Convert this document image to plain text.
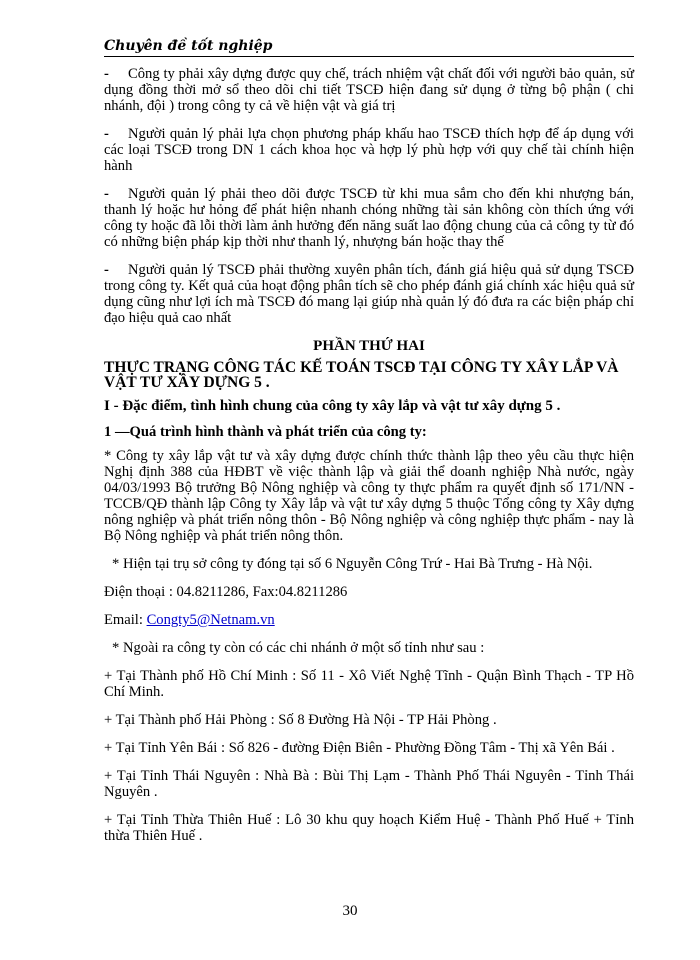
Chuyên đề tốt nghiệp
- Công ty phải xây dựng được quy chế, trách nhiệm vật chất đối với người bảo quản, sử dụng đồng thời mở sổ theo dõi chi tiết TSCĐ hiện đang sử dụng ở từng bộ phận ( chi nhánh, đội ) trong công ty cả về hiện vật và giá trị
- Người quản lý phải lựa chọn phương pháp khấu hao TSCĐ thích hợp để áp dụng với các loại TSCĐ trong DN 1 cách khoa học và hợp lý phù hợp với quy chế tài chính hiện hành
- Người quản lý phải theo dõi được TSCĐ từ khi mua sắm cho đến khi nhượng bán, thanh lý hoặc hư hỏng để phát hiện nhanh chóng những tài sản không còn thích ứng với công ty hoặc đã lỗi thời làm ảnh hưởng đến năng suất lao động chung của cả công ty từ đó có những biện pháp kịp thời như thanh lý, nhượng bán hoặc thay thế
- Người quản lý TSCĐ phải thường xuyên phân tích, đánh giá hiệu quả sử dụng TSCĐ trong công ty. Kết quả của hoạt động phân tích sẽ cho phép đánh giá chính xác hiệu quả sử dụng cũng như lợi ích mà TSCĐ đó mang lại giúp nhà quản lý đó đưa ra các biện pháp chỉ đạo hiệu quả cao nhất
PHẦN THỨ HAI
THỰC TRẠNG CÔNG TÁC KẾ TOÁN TSCĐ TẠI CÔNG TY XÂY LẮP VÀ VẬT TƯ XÂY DỰNG 5 .
I - Đặc điểm, tình hình chung của công ty xây lắp và vật tư xây dựng 5 .
1 —Quá trình hình thành và phát triển của công ty:
* Công ty xây lắp vật tư và xây dựng được chính thức thành lập theo yêu cầu thực hiện Nghị định 388 của HĐBT về việc thành lập và giải thể doanh nghiệp Nhà nước, ngày 04/03/1993 Bộ trưởng Bộ Nông nghiệp và công ty thực phẩm ra quyết định số 171/NN - TCCB/QĐ thành lập Công ty Xây lắp và vật tư xây dựng 5 thuộc Tổng công ty Xây dựng nông nghiệp và phát triển nông thôn - Bộ Nông nghiệp và công nghiệp thực phẩm - nay là Bộ Nông nghiệp và phát triển nông thôn.
* Hiện tại trụ sở công ty đóng tại số 6 Nguyễn Công Trứ - Hai Bà Trưng - Hà Nội.
Điện thoại : 04.8211286, Fax:04.8211286
Email: Congty5@Netnam.vn
* Ngoài ra công ty còn có các chi nhánh ở một số tỉnh như sau :
+ Tại Thành phố Hồ Chí Minh : Số 11 - Xô Viết Nghệ Tĩnh - Quận Bình Thạch - TP Hồ Chí Minh.
+ Tại Thành phố Hải Phòng : Số 8 Đường Hà Nội - TP Hải Phòng .
+ Tại Tỉnh Yên Bái : Số 826 - đường Điện Biên - Phường Đồng Tâm - Thị xã Yên Bái .
+ Tại Tỉnh Thái Nguyên : Nhà Bà : Bùi Thị Lạm - Thành Phố Thái Nguyên - Tỉnh Thái Nguyên .
+ Tại Tỉnh Thừa Thiên Huế : Lô 30 khu quy hoạch Kiểm Huệ - Thành Phố Huế + Tỉnh thừa Thiên Huế .
30
